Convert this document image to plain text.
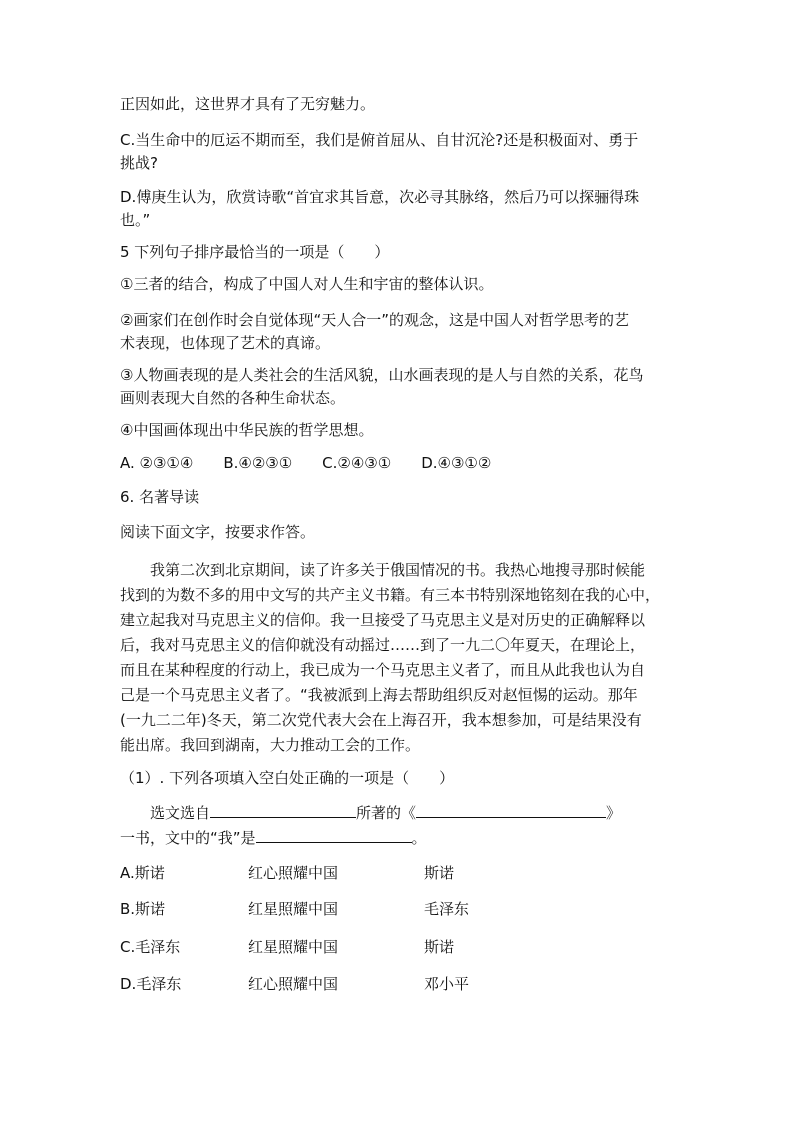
正因如此，这世界才具有了无穷魅力。
C.当生命中的厄运不期而至，我们是俯首屈从、自甘沉沦?还是积极面对、勇于
挑战?
D.傅庚生认为，欣赏诗歌“首宜求其旨意，次必寻其脉络，然后乃可以探骊得珠
也。”
5 下列句子排序最恰当的一项是（　　）
①三者的结合，构成了中国人对人生和宇宙的整体认识。
②画家们在创作时会自觉体现“天人合一”的观念，这是中国人对哲学思考的艺
术表现，也体现了艺术的真谛。
③人物画表现的是人类社会的生活风貌，山水画表现的是人与自然的关系，花鸟
画则表现大自然的各种生命状态。
④中国画体现出中华民族的哲学思想。
A. ②③①④　　B.④②③①　　C.②④③①　　D.④③①②
6. 名著导读
阅读下面文字，按要求作答。
　　我第二次到北京期间，读了许多关于俄国情况的书。我热心地搜寻那时候能
找到的为数不多的用中文写的共产主义书籍。有三本书特别深地铭刻在我的心中，
建立起我对马克思主义的信仰。我一旦接受了马克思主义是对历史的正确解释以
后，我对马克思主义的信仰就没有动摇过……到了一九二〇年夏天，在理论上，
而且在某种程度的行动上，我已成为一个马克思主义者了，而且从此我也认为自
己是一个马克思主义者了。“我被派到上海去帮助组织反对赵恒惕的运动。那年
(一九二二年)冬天，第二次党代表大会在上海召开，我本想参加，可是结果没有
能出席。我回到湖南，大力推动工会的工作。
（1）. 下列各项填入空白处正确的一项是（　　）
　　选文选自	所著的《	》
一书，文中的“我”是	。
A.斯诺	红心照耀中国	斯诺
B.斯诺	红星照耀中国	毛泽东
C.毛泽东	红星照耀中国	斯诺
D.毛泽东	红心照耀中国	邓小平
